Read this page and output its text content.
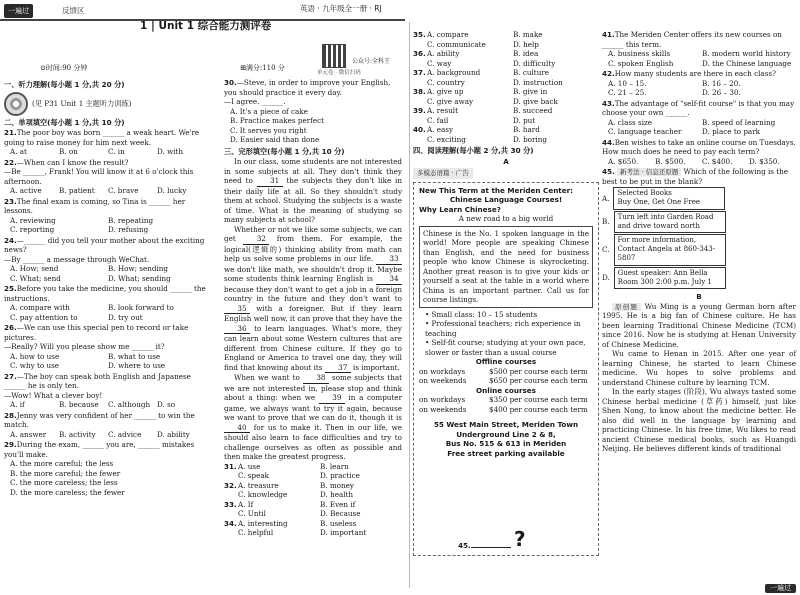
一遍过	反馈区	英语 · 九年级全一册 · RJ
1 | Unit 1 综合能力测评卷
公众号:全科王
单元卷 · 微信扫码
⊙时间:90 分钟	⊞满分:110 分
一、听力理解(每小题 1 分,共 20 分)
(见 P31 Unit 1 主题听力训练)
二、单项填空(每小题 1 分,共 10 分)
21.The poor boy was born ______ a weak heart. We're going to raise money for him next week.
A. at	B. on	C. in	D. with
22.—When can I know the result?
—Be ______, Frank! You will know it at 6 o'clock this afternoon.
A. active	B. patient	C. brave	D. lucky
23.The final exam is coming, so Tina is ______ her lessons.
A. reviewing	B. repeating
C. reporting	D. refusing
24.—______ did you tell your mother about the exciting news?
—By ______ a message through WeChat.
A. How; send	B. How; sending
C. What; send	D. What; sending
25.Before you take the medicine, you should ______ the instructions.
A. compare with	B. look forward to
C. pay attention to	D. try out
26.—We can use this special pen to record or take pictures.
—Really? Will you please show me ______ it?
A. how to use	B. what to use
C. why to use	D. where to use
27.—The boy can speak both English and Japanese ______ he is only ten.
—Wow! What a clever boy!
A. if	B. because	C. although D. so
28.Jenny was very confident of her ______ to win the match.
A. answer	B. activity	C. advice	D. ability
29.During the exam, ______ you are, ______ mistakes you'll make.
A. the more careful; the less
B. the more careful; the fewer
C. the more careless; the less
D. the more careless; the fewer
30.—Steve, in order to improve your English, you should practice it every day.
—I agree. ______.
A. It's a piece of cake
B. Practice makes perfect
C. It serves you right
D. Easier said than done
三、完形填空(每小题 1 分,共 10 分)
In our class, some students are not interested in some subjects at all. They don't think they need to 31 the subjects they don't like in their daily life at all. So they shouldn't study them at school. Studying the subjects is a waste of time. What is the meaning of studying so many subjects at school?
Whether or not we like some subjects, we can get 32 from them. For example, the logical(逻辑的) thinking ability from math can help us solve some problems in our life. 33 we don't like math, we shouldn't drop it. Maybe some students think learning English is 34 because they don't want to get a job in a foreign country in the future and they don't want to 35 with a foreigner. But if they learn English well now, it can prove that they have the 36 to learn languages. What's more, they can learn about some Western cultures that are different from Chinese culture. If they go to England or America to travel one day, they will find that knowing about its 37 is important.
When we want to 38 some subjects that we are not interested in, please stop and think about a thing: when we 39 in a computer game, we always want to try it again, because we want to prove that we can do it, though it is 40 for us to make it. Then in our life, we should also learn to face difficulties and try to challenge ourselves as often as possible and then make the greatest progress.
31. A. use	B. learn
C. speak	D. practice
32. A. treasure	B. money
C. knowledge	D. health
33. A. If	B. Even if
C. Until	D. Because
34. A. interesting	B. useless
C. helpful	D. important
35. A. compare	B. make
C. communicate	D. help
36. A. ability	B. idea
C. way	D. difficulty
37. A. background	B. culture
C. country	D. instruction
38. A. give up	B. give in
C. give away	D. give back
39. A. result	B. succeed
C. fail	D. put
40. A. easy	B. hard
C. exciting	D. boring
四、阅读理解(每小题 2 分,共 30 分)
A
多模态语篇 · 广告
New This Term at the Meriden Center:
Chinese Language Courses!
Why Learn Chinese?
A new road to a big world
Chinese is the No. 1 spoken language in the world! More people are speaking Chinese than English, and the need for business people who know Chinese is skyrocketing. Another great reason is to give your kids or yourself a seat at the table in a world where China is an important partner. Call us for course listings.
• Small class: 10 – 15 students
• Professional teachers; rich experience in teaching
• Self-fit course; studying at your own pace, slower or faster than a usual course
Offline courses
on workdays	$500 per course each term
on weekends	$650 per course each term
Online courses
on workdays	$350 per course each term
on weekends	$400 per course each term
55 West Main Street, Meriden Town
Underground Line 2 & 8,
Bus No. 515 & 613 in Meriden
Free street parking available
45.	?
41.The Meriden Center offers its new courses on ______ this term.
A. business skills	B. modern world history
C. spoken English	D. the Chinese language
42.How many students are there in each class?
A. 10 – 15.	B. 16 – 20.
C. 21 – 25.	D. 26 – 30.
43.The advantage of "self-fit course" is that you may choose your own ______.
A. class size	B. speed of learning
C. language teacher	D. place to park
44.Ben wishes to take an online course on Tuesdays. How much does he need to pay each term?
A. $650.	B. $500.	C. $400.	D. $350.
45. 新考法 · 信息还原题 Which of the following is the best to be put in the blank?
A.
Selected Books
Buy One, Get One Free
B.
Turn left into Garden Road and drive toward north
C.
For more information,
Contact Angela at 860-343-5807
D.
Guest speaker: Ann Bella
Room 300 2:00 p.m. July 1
B
原创题 Wu Ming is a young German born after 1995. He is a big fan of Chinese culture. He has been learning Traditional Chinese Medicine (TCM) since 2016. Now he is studying at Henan University of Chinese Medicine.
Wu came to Henan in 2015. After one year of learning Chinese, he started to learn Chinese medicine. Wu hopes to solve problems and understand Chinese culture by learning TCM.
In the early stages (阶段), Wu always tasted some Chinese herbal medicine (草药) himself, just like Shen Nong, to know about the medicine better. He also did well in the language by learning and practicing Chinese. In his free time, Wu likes to read ancient Chinese medical books, such as Huangdi Neijing. He believes different kinds of traditional
一遍过
